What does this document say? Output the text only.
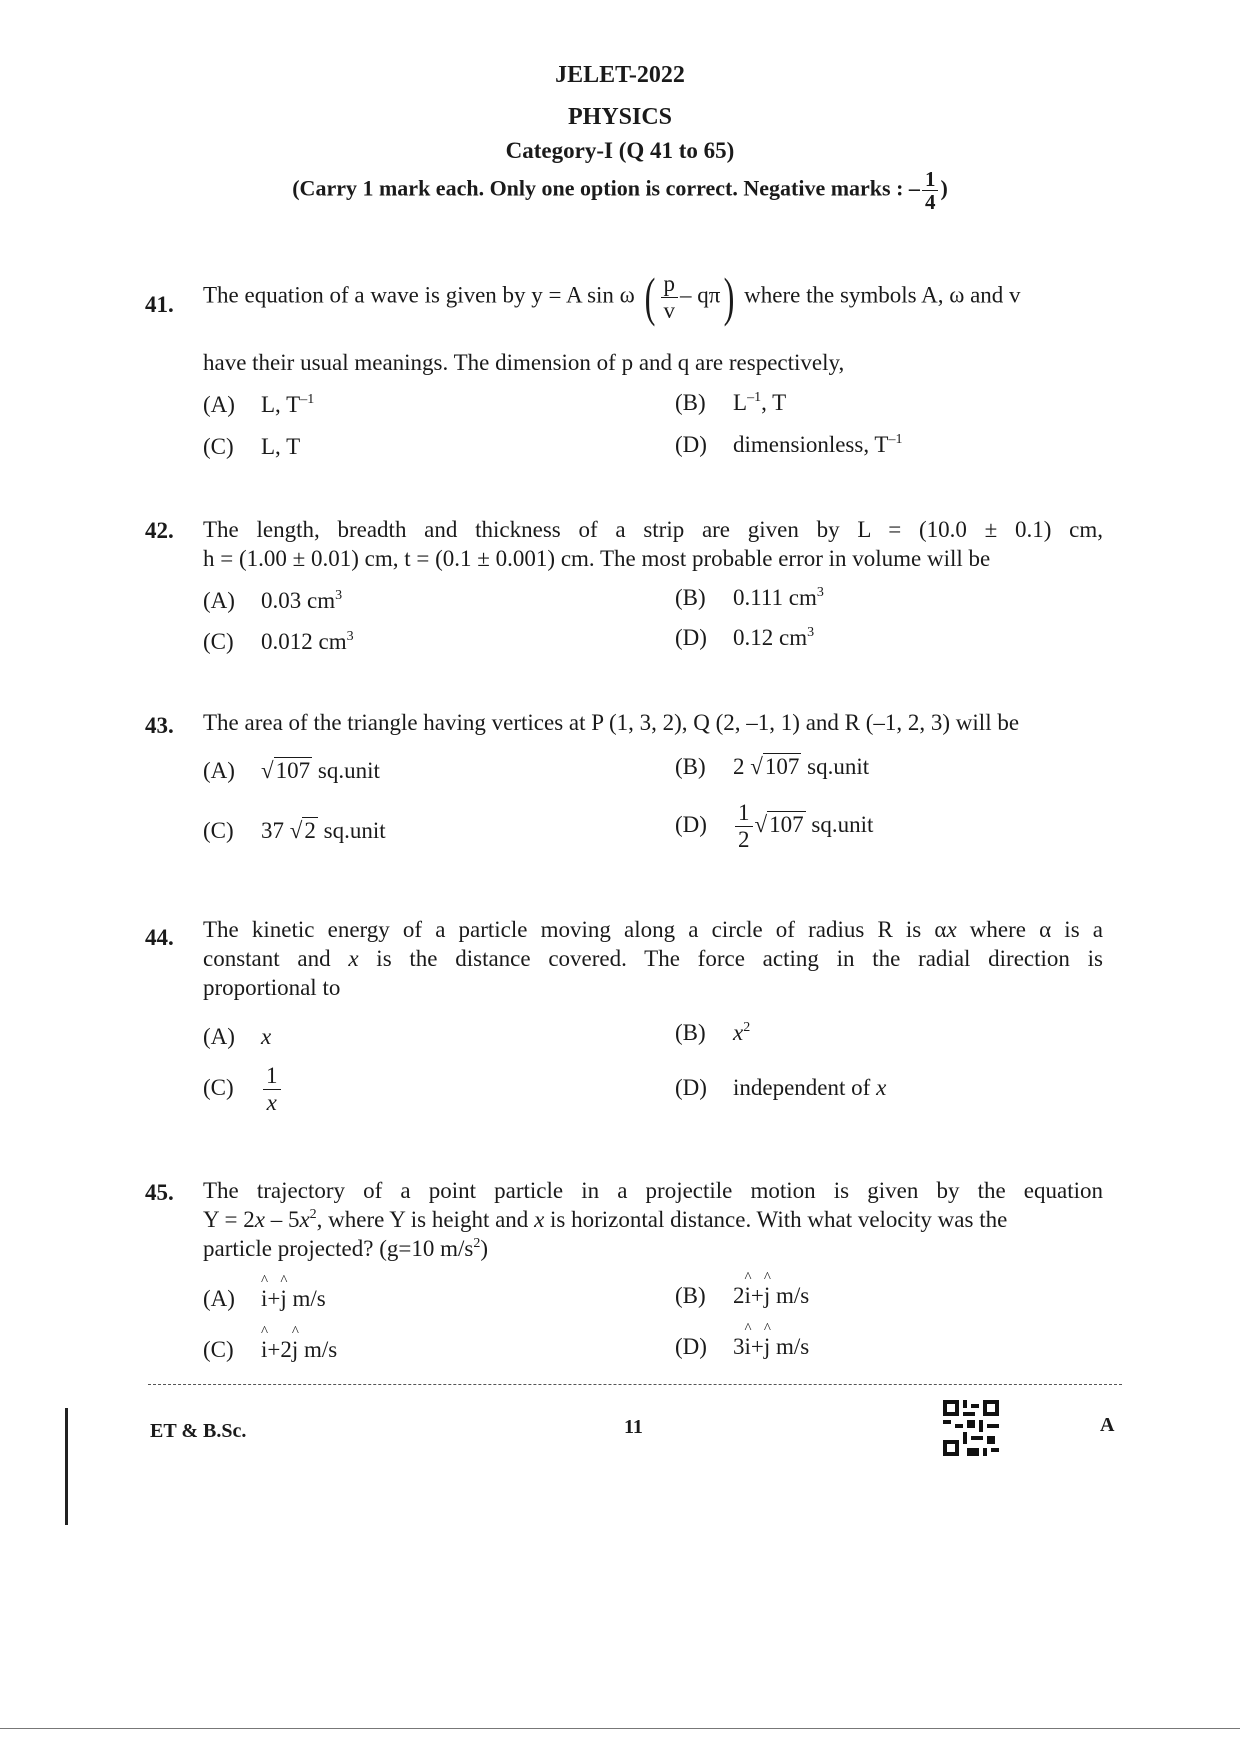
JELET-2022
PHYSICS
Category-I (Q 41 to 65)
(Carry 1 mark each. Only one option is correct. Negative marks : – $\frac{1}{4}$ )
41. The equation of a wave is given by y = A sin ω ( $\frac{p}{v} - q\pi$) where the symbols A, ω and v
have their usual meanings. The dimension of p and q are respectively,
(A) L, $T^{-1}$	(B) $L^{-1}$, T
(C) L, T	(D) dimensionless, $T^{-1}$
42. The length, breadth and thickness of a strip are given by L = (10.0 ± 0.1) cm,
h = (1.00 ± 0.01) cm, t = (0.1 ± 0.001) cm. The most probable error in volume will be
(A) 0.03 $cm^3$	(B) 0.111 $cm^3$
(C) 0.012 $cm^3$	(D) 0.12 $cm^3$
43. The area of the triangle having vertices at P (1, 3, 2), Q (2, –1, 1) and R (–1, 2, 3) will be
(A) √107 sq.unit	(B) 2 √107 sq.unit
(C) 37 √2 sq.unit	$(D) \frac{1}{2} √107$ sq.unit
44. The kinetic energy of a particle moving along a circle of radius R is αx where α is a
constant and x is the distance covered. The force acting in the radial direction is
proportional to
(A) x	(B) $x^2$
$(C) \frac{1}{x}$	(D) independent of x
45. The trajectory of a point particle in a projectile motion is given by the equation
$Y = 2x - 5x^2$, where Y is height and x is horizontal distance. With what velocity was the
particle projected? (g=10 $m/s^2$)
(A) ^ i+^ j m/s	(B) 2^ i+^ j m/s
(C) ^ i+2^ j m/s	(D) 3^ i+^ j m/s
ET & B.Sc.	11	A
